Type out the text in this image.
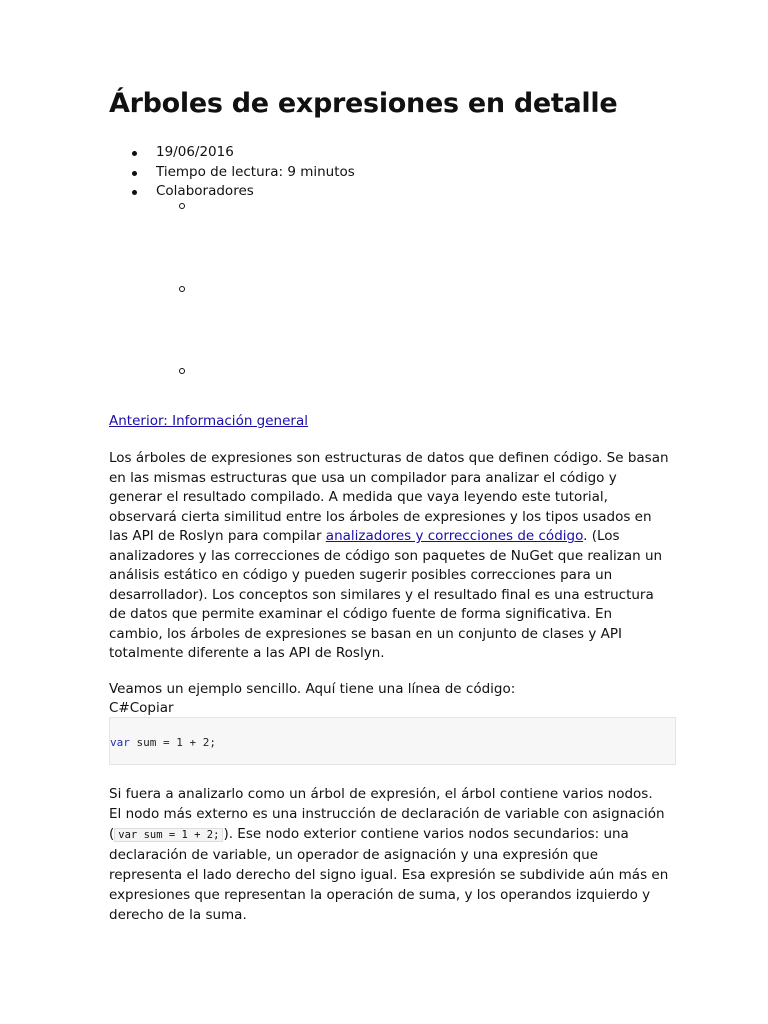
Árboles de expresiones en detalle
19/06/2016
Tiempo de lectura: 9 minutos
Colaboradores
Anterior: Información general

Los árboles de expresiones son estructuras de datos que definen código. Se basan en las mismas estructuras que usa un compilador para analizar el código y generar el resultado compilado. A medida que vaya leyendo este tutorial, observará cierta similitud entre los árboles de expresiones y los tipos usados en las API de Roslyn para compilar analizadores y correcciones de código. (Los analizadores y las correcciones de código son paquetes de NuGet que realizan un análisis estático en código y pueden sugerir posibles correcciones para un desarrollador). Los conceptos son similares y el resultado final es una estructura de datos que permite examinar el código fuente de forma significativa. En cambio, los árboles de expresiones se basan en un conjunto de clases y API totalmente diferente a las API de Roslyn.

Veamos un ejemplo sencillo. Aquí tiene una línea de código:

C#Copiar
var sum = 1 + 2;

Si fuera a analizarlo como un árbol de expresión, el árbol contiene varios nodos. El nodo más externo es una instrucción de declaración de variable con asignación ( var sum = 1 + 2; ). Ese nodo exterior contiene varios nodos secundarios: una declaración de variable, un operador de asignación y una expresión que representa el lado derecho del signo igual. Esa expresión se subdivide aún más en expresiones que representan la operación de suma, y los operandos izquierdo y derecho de la suma.
